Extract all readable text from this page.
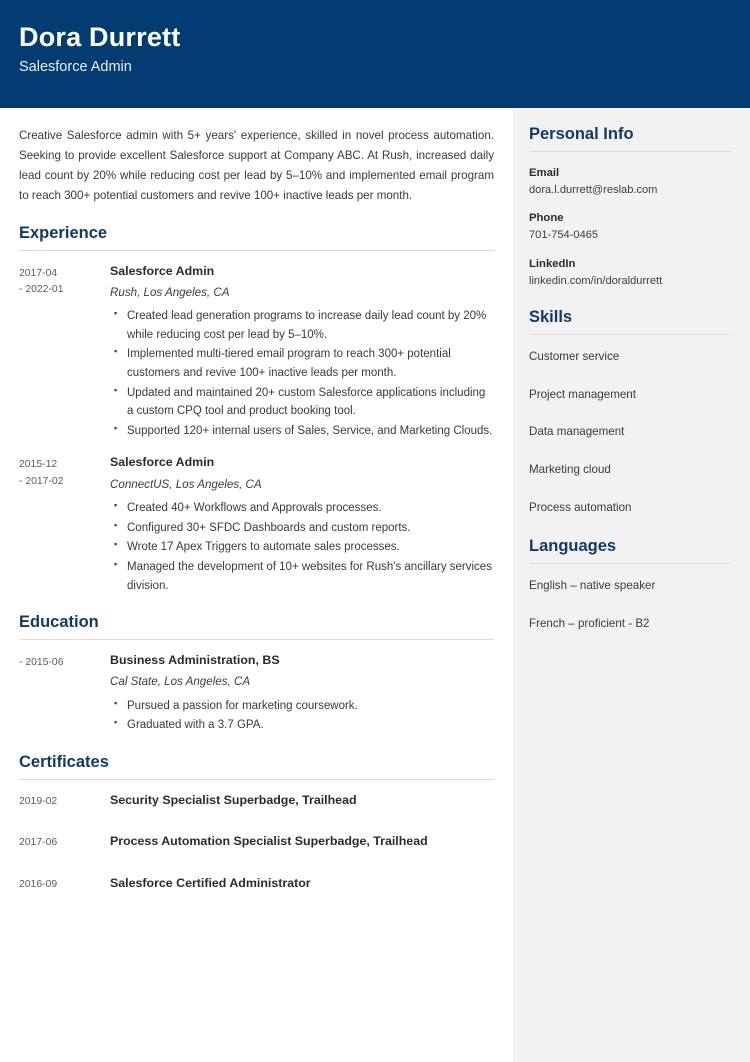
Dora Durrett

Salesforce Admin

Creative Salesforce admin with 5+ years' experience, skilled in novel process automation. Seeking to provide excellent Salesforce support at Company ABC. At Rush, increased daily lead count by 20% while reducing cost per lead by 5–10% and implemented email program to reach 300+ potential customers and revive 100+ inactive leads per month.

Experience
2017-04
- 2022-01
Salesforce Admin
Rush, Los Angeles, CA
▪ Created lead generation programs to increase daily lead count by 20% while reducing cost per lead by 5–10%.
▪ Implemented multi-tiered email program to reach 300+ potential customers and revive 100+ inactive leads per month.
▪ Updated and maintained 20+ custom Salesforce applications including a custom CPQ tool and product booking tool.
▪ Supported 120+ internal users of Sales, Service, and Marketing Clouds.
2015-12
- 2017-02
Salesforce Admin
ConnectUS, Los Angeles, CA
▪ Created 40+ Workflows and Approvals processes.
▪ Configured 30+ SFDC Dashboards and custom reports.
▪ Wrote 17 Apex Triggers to automate sales processes.
▪ Managed the development of 10+ websites for Rush's ancillary services division.
Education
- 2015-06	Business Administration, BS
Cal State, Los Angeles, CA
▪ Pursued a passion for marketing coursework.
▪ Graduated with a 3.7 GPA.
Certificates
2019-02	Security Specialist Superbadge, Trailhead
2017-06	Process Automation Specialist Superbadge, Trailhead
2016-09	Salesforce Certified Administrator
Personal Info
Email
dora.l.durrett@reslab.com
Phone
701-754-0465
LinkedIn
linkedin.com/in/doraldurrett
Skills
Customer service
Project management
Data management
Marketing cloud
Process automation
Languages
English – native speaker
French – proficient - B2
